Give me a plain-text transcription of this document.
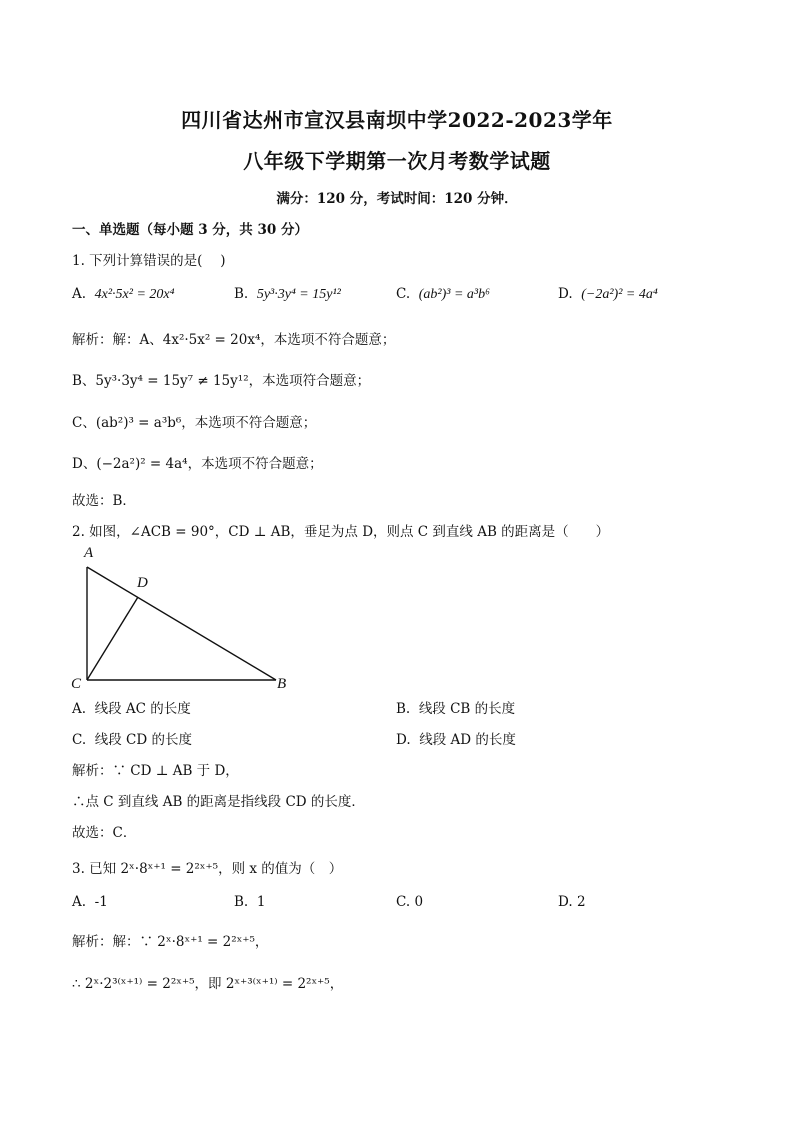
四川省达州市宣汉县南坝中学2022-2023学年
八年级下学期第一次月考数学试题
满分：120 分，考试时间：120 分钟．
一、单选题（每小题 3 分，共 30 分）
1. 下列计算错误的是(　 )
A. 4x²·5x² = 20x⁴	B. 5y³·3y⁴ = 15y¹²	C. (ab²)³ = a³b⁶	D. (−2a²)² = 4a⁴
解析：解：A、4x²·5x² = 20x⁴，本选项不符合题意；
B、5y³·3y⁴ = 15y⁷ ≠ 15y¹²，本选项符合题意；
C、(ab²)³ = a³b⁶，本选项不符合题意；
D、(−2a²)² = 4a⁴，本选项不符合题意；
故选：B．
2. 如图，∠ACB = 90°，CD ⊥ AB，垂足为点 D，则点 C 到直线 AB 的距离是（　　）
A
D
C	B
A. 线段 AC 的长度	B. 线段 CB 的长度
C. 线段 CD 的长度	D. 线段 AD 的长度
解析：∵ CD ⊥ AB 于 D，
∴点 C 到直线 AB 的距离是指线段 CD 的长度．
故选：C．
3. 已知 2ˣ·8ˣ⁺¹ = 2²ˣ⁺⁵，则 x 的值为（　）
A. -1	B. 1	C. 0	D. 2
解析：解：∵ 2ˣ·8ˣ⁺¹ = 2²ˣ⁺⁵，
∴ 2ˣ·2³⁽ˣ⁺¹⁾ = 2²ˣ⁺⁵，即 2ˣ⁺³⁽ˣ⁺¹⁾ = 2²ˣ⁺⁵，
